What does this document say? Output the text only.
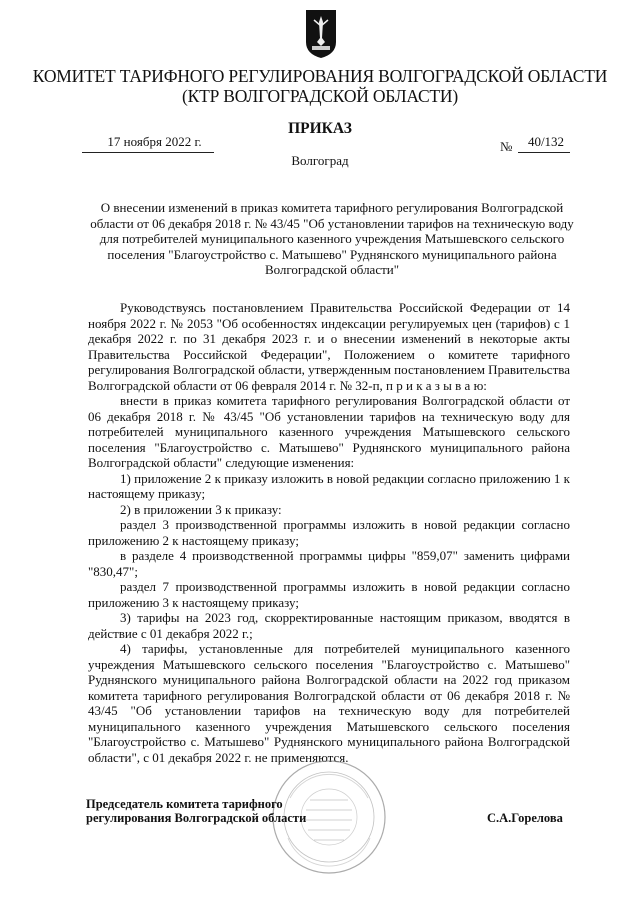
КОМИТЕТ ТАРИФНОГО РЕГУЛИРОВАНИЯ ВОЛГОГРАДСКОЙ ОБЛАСТИ
(КТР ВОЛГОГРАДСКОЙ ОБЛАСТИ)
ПРИКАЗ
17 ноября 2022 г.	№	40/132
Волгоград
О внесении изменений в приказ комитета тарифного регулирования Волгоградской области от 06 декабря 2018 г. № 43/45 "Об установлении тарифов на техническую воду для потребителей муниципального казенного учреждения Матышевского сельского поселения "Благоустройство с. Матышево" Руднянского муниципального района Волгоградской области"

Руководствуясь постановлением Правительства Российской Федерации от 14 ноября 2022 г. № 2053 "Об особенностях индексации регулируемых цен (тарифов) с 1 декабря 2022 г. по 31 декабря 2023 г. и о внесении изменений в некоторые акты Правительства Российской Федерации", Положением о комитете тарифного регулирования Волгоградской области, утвержденным постановлением Правительства Волгоградской области от 06 февраля 2014 г. № 32-п, п р и к а з ы в а ю:

внести в приказ комитета тарифного регулирования Волгоградской области от 06 декабря 2018 г. № 43/45 "Об установлении тарифов на техническую воду для потребителей муниципального казенного учреждения Матышевского сельского поселения "Благоустройство с. Матышево" Руднянского муниципального района Волгоградской области" следующие изменения:

1) приложение 2 к приказу изложить в новой редакции согласно приложению 1 к настоящему приказу;

2) в приложении 3 к приказу:

раздел 3 производственной программы изложить в новой редакции согласно приложению 2 к настоящему приказу;

в разделе 4 производственной программы цифры "859,07" заменить цифрами "830,47";

раздел 7 производственной программы изложить в новой редакции согласно приложению 3 к настоящему приказу;

3) тарифы на 2023 год, скорректированные настоящим приказом, вводятся в действие с 01 декабря 2022 г.;

4) тарифы, установленные для потребителей муниципального казенного учреждения Матышевского сельского поселения "Благоустройство с. Матышево" Руднянского муниципального района Волгоградской области на 2022 год приказом комитета тарифного регулирования Волгоградской области от 06 декабря 2018 г. № 43/45 "Об установлении тарифов на техническую воду для потребителей муниципального казенного учреждения Матышевского сельского поселения "Благоустройство с. Матышево" Руднянского муниципального района Волгоградской области", с 01 декабря 2022 г. не применяются.

Председатель комитета тарифного
регулирования Волгоградской области	С.А.Горелова
